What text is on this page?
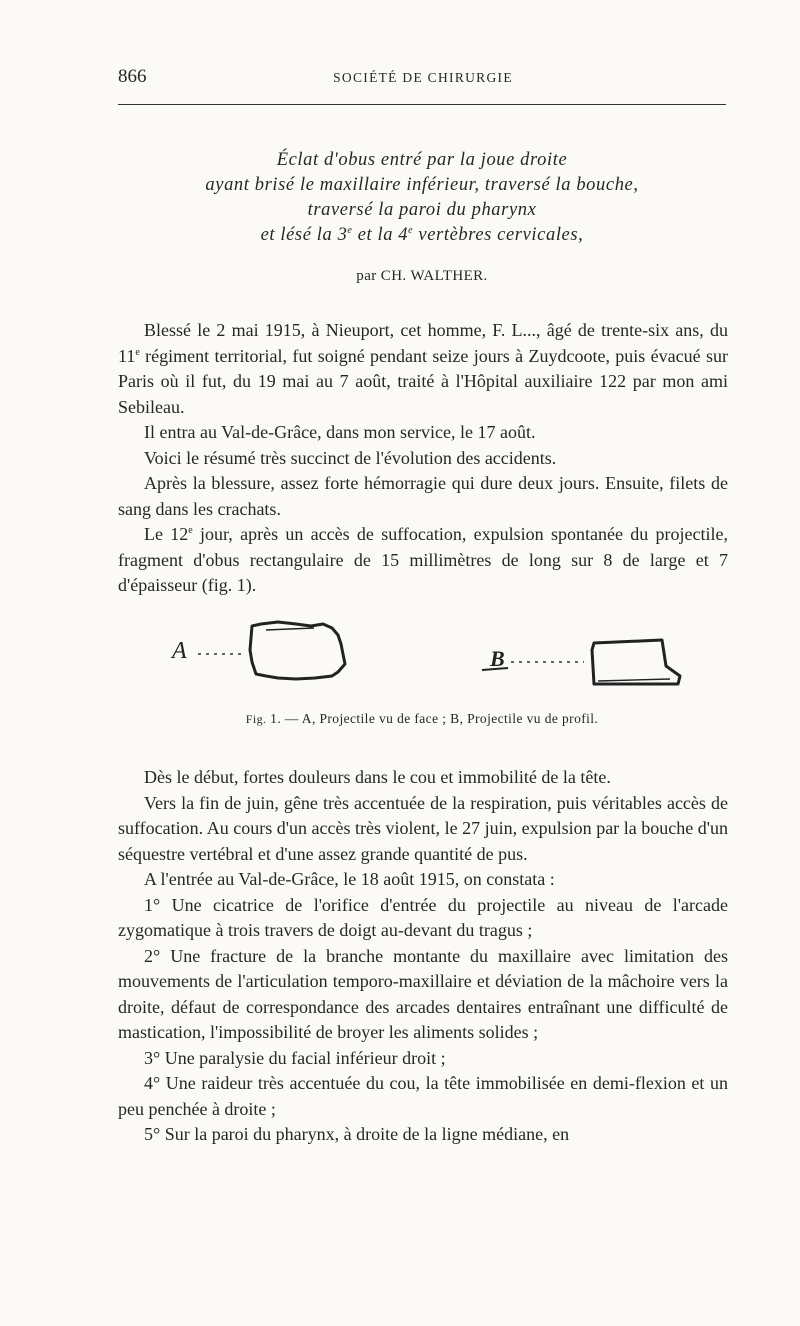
866	SOCIÉTÉ DE CHIRURGIE
Éclat d'obus entré par la joue droite
ayant brisé le maxillaire inférieur, traversé la bouche,
traversé la paroi du pharynx
et lésé la 3e et la 4e vertèbres cervicales,
par CH. WALTHER.

Blessé le 2 mai 1915, à Nieuport, cet homme, F. L..., âgé de trente-six ans, du 11e régiment territorial, fut soigné pendant seize jours à Zuydcoote, puis évacué sur Paris où il fut, du 19 mai au 7 août, traité à l'Hôpital auxiliaire 122 par mon ami Sebileau.

Il entra au Val-de-Grâce, dans mon service, le 17 août.

Voici le résumé très succinct de l'évolution des accidents.

Après la blessure, assez forte hémorragie qui dure deux jours. Ensuite, filets de sang dans les crachats.

Le 12e jour, après un accès de suffocation, expulsion spontanée du projectile, fragment d'obus rectangulaire de 15 millimètres de long sur 8 de large et 7 d'épaisseur (fig. 1).

A	B
Fig. 1. — A, Projectile vu de face ; B, Projectile vu de profil.

Dès le début, fortes douleurs dans le cou et immobilité de la tête.

Vers la fin de juin, gêne très accentuée de la respiration, puis véritables accès de suffocation. Au cours d'un accès très violent, le 27 juin, expulsion par la bouche d'un séquestre vertébral et d'une assez grande quantité de pus.

A l'entrée au Val-de-Grâce, le 18 août 1915, on constata :

1° Une cicatrice de l'orifice d'entrée du projectile au niveau de l'arcade zygomatique à trois travers de doigt au-devant du tragus ;

2° Une fracture de la branche montante du maxillaire avec limitation des mouvements de l'articulation temporo-maxillaire et déviation de la mâchoire vers la droite, défaut de correspondance des arcades dentaires entraînant une difficulté de mastication, l'impossibilité de broyer les aliments solides ;

3° Une paralysie du facial inférieur droit ;

4° Une raideur très accentuée du cou, la tête immobilisée en demi-flexion et un peu penchée à droite ;

5° Sur la paroi du pharynx, à droite de la ligne médiane, en
